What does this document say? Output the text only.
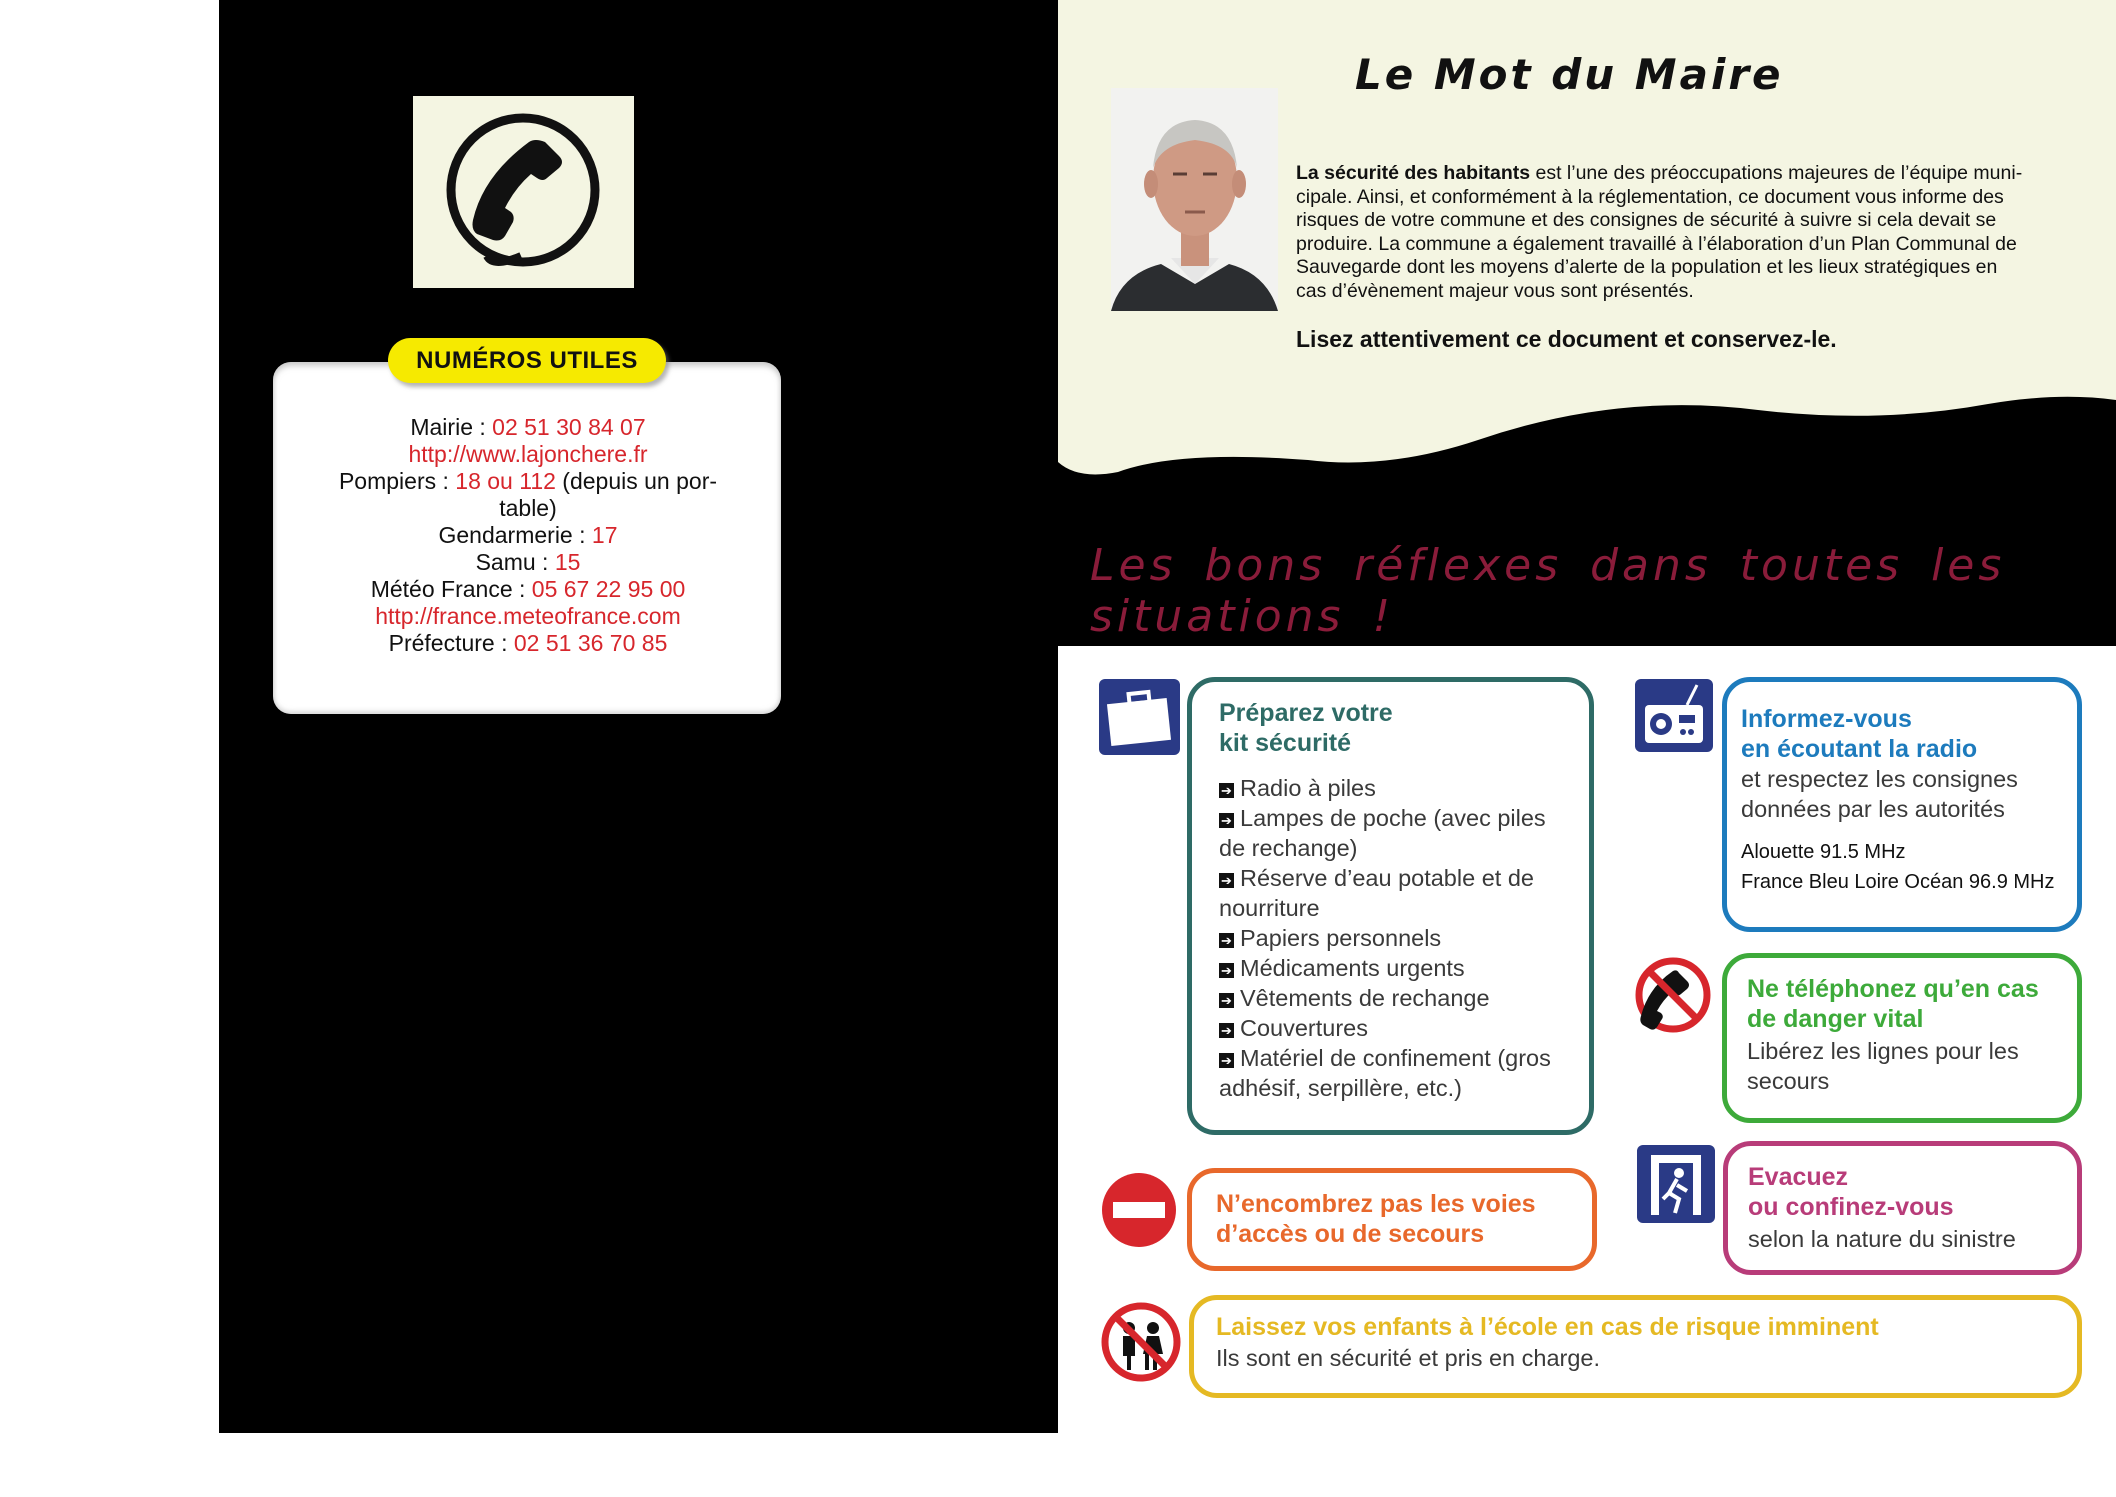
NUMÉROS UTILES
Mairie : 02 51 30 84 07
http://www.lajonchere.fr
Pompiers : 18 ou 112 (depuis un por-
table)
Gendarmerie : 17
Samu : 15
Météo France : 05 67 22 95 00
http://france.meteofrance.com
Préfecture : 02 51 36 70 85
Le Mot du Maire
La sécurité des habitants est l’une des préoccupations majeures de l’équipe muni-
cipale. Ainsi, et conformément à la réglementation, ce document vous informe des
risques de votre commune et des consignes de sécurité à suivre si cela devait se
produire. La commune a également travaillé à l’élaboration d’un Plan Communal de
Sauvegarde dont les moyens d’alerte de la population et les lieux stratégiques en
cas d’évènement majeur vous sont présentés.
Lisez attentivement ce document et conservez-le.
Les bons réflexes dans toutes les situations !
Préparez votre
kit sécurité
➔ Radio à piles
➔ Lampes de poche (avec piles
de rechange)
➔ Réserve d’eau potable et de
nourriture
➔ Papiers personnels
➔ Médicaments urgents
➔ Vêtements de rechange
➔ Couvertures
➔ Matériel de confinement (gros
adhésif, serpillère, etc.)
Informez-vous
en écoutant la radio
et respectez les consignes
données par les autorités
Alouette 91.5 MHz
France Bleu Loire Océan 96.9 MHz
Ne téléphonez qu’en cas
de danger vital
Libérez les lignes pour les
secours
N’encombrez pas les voies
d’accès ou de secours
Evacuez
ou confinez-vous
selon la nature du sinistre
Laissez vos enfants à l’école en cas de risque imminent
Ils sont en sécurité et pris en charge.
